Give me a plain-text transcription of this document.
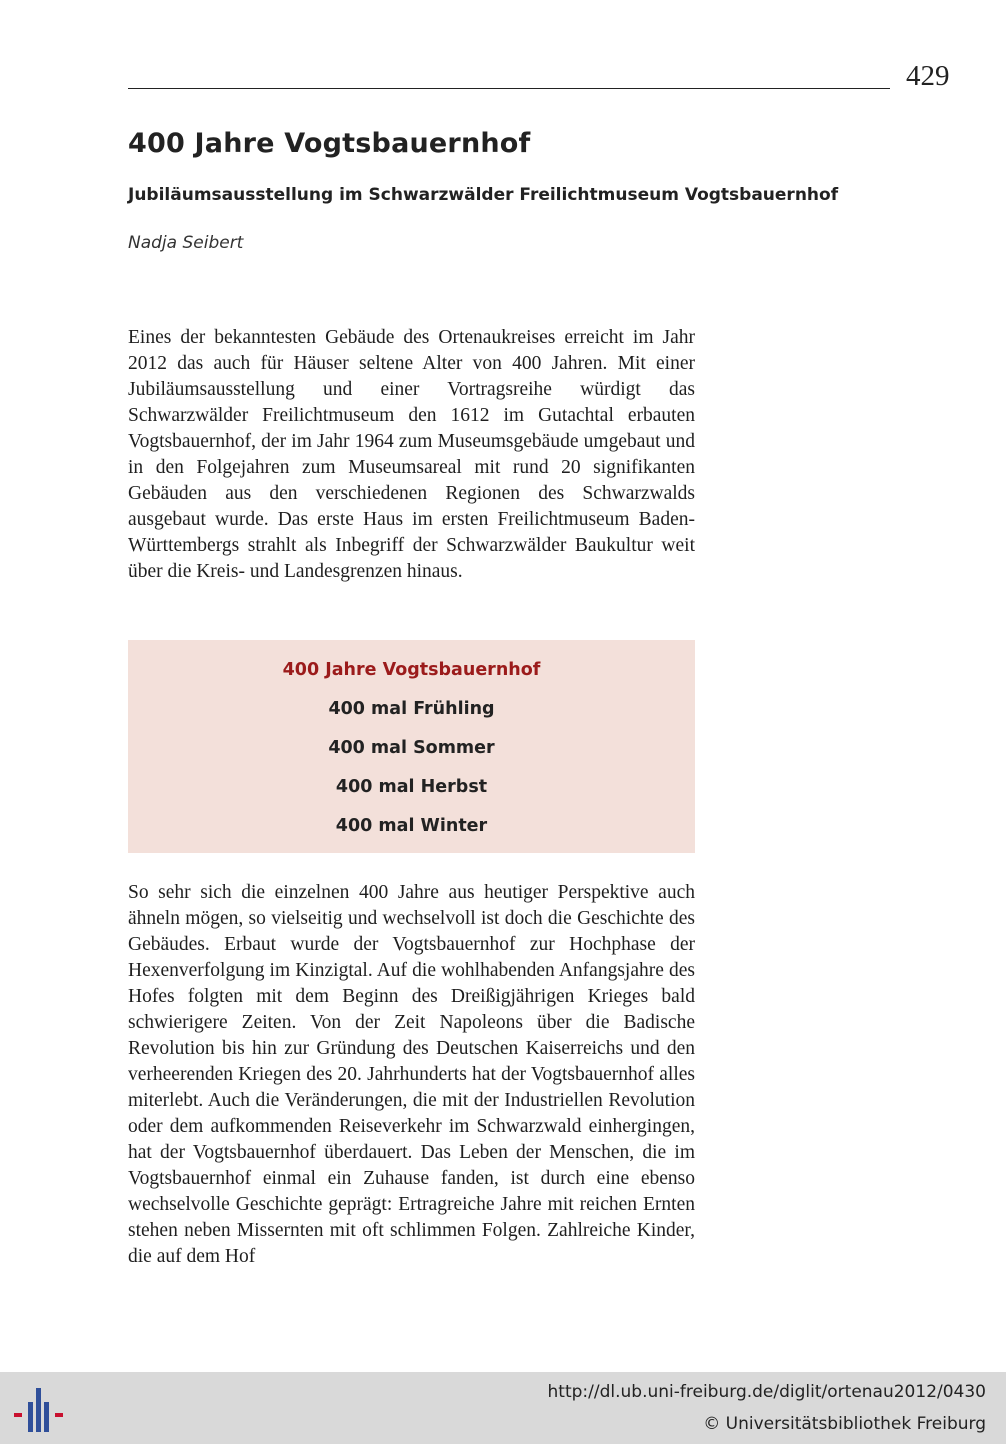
429
400 Jahre Vogtsbauernhof

Jubiläumsausstellung im Schwarzwälder Freilichtmuseum Vogtsbauernhof

Nadja Seibert

Eines der bekanntesten Gebäude des Ortenaukreises erreicht im Jahr 2012 das auch für Häuser seltene Alter von 400 Jahren. Mit einer Jubiläumsausstellung und einer Vortragsreihe würdigt das Schwarzwälder Freilichtmuseum den 1612 im Gutachtal erbauten Vogtsbauernhof, der im Jahr 1964 zum Museumsgebäude umgebaut und in den Folgejahren zum Museumsareal mit rund 20 signifikanten Gebäuden aus den verschiedenen Regionen des Schwarzwalds ausgebaut wurde. Das erste Haus im ersten Freilichtmuseum Baden-Württembergs strahlt als Inbegriff der Schwarzwälder Baukultur weit über die Kreis- und Landesgrenzen hinaus.

400 Jahre Vogtsbauernhof

400 mal Frühling

400 mal Sommer

400 mal Herbst

400 mal Winter

So sehr sich die einzelnen 400 Jahre aus heutiger Perspektive auch ähneln mögen, so vielseitig und wechselvoll ist doch die Geschichte des Gebäudes. Erbaut wurde der Vogtsbauernhof zur Hochphase der Hexenverfolgung im Kinzigtal. Auf die wohlhabenden Anfangsjahre des Hofes folgten mit dem Beginn des Dreißigjährigen Krieges bald schwierigere Zeiten. Von der Zeit Napoleons über die Badische Revolution bis hin zur Gründung des Deutschen Kaiserreichs und den verheerenden Kriegen des 20. Jahrhunderts hat der Vogtsbauernhof alles miterlebt. Auch die Veränderungen, die mit der Industriellen Revolution oder dem aufkommenden Reiseverkehr im Schwarzwald einhergingen, hat der Vogtsbauernhof überdauert. Das Leben der Menschen, die im Vogtsbauernhof einmal ein Zuhause fanden, ist durch eine ebenso wechselvolle Geschichte geprägt: Ertragreiche Jahre mit reichen Ernten stehen neben Missernten mit oft schlimmen Folgen. Zahlreiche Kinder, die auf dem Hof

http://dl.ub.uni-freiburg.de/diglit/ortenau2012/0430

© Universitätsbibliothek Freiburg
